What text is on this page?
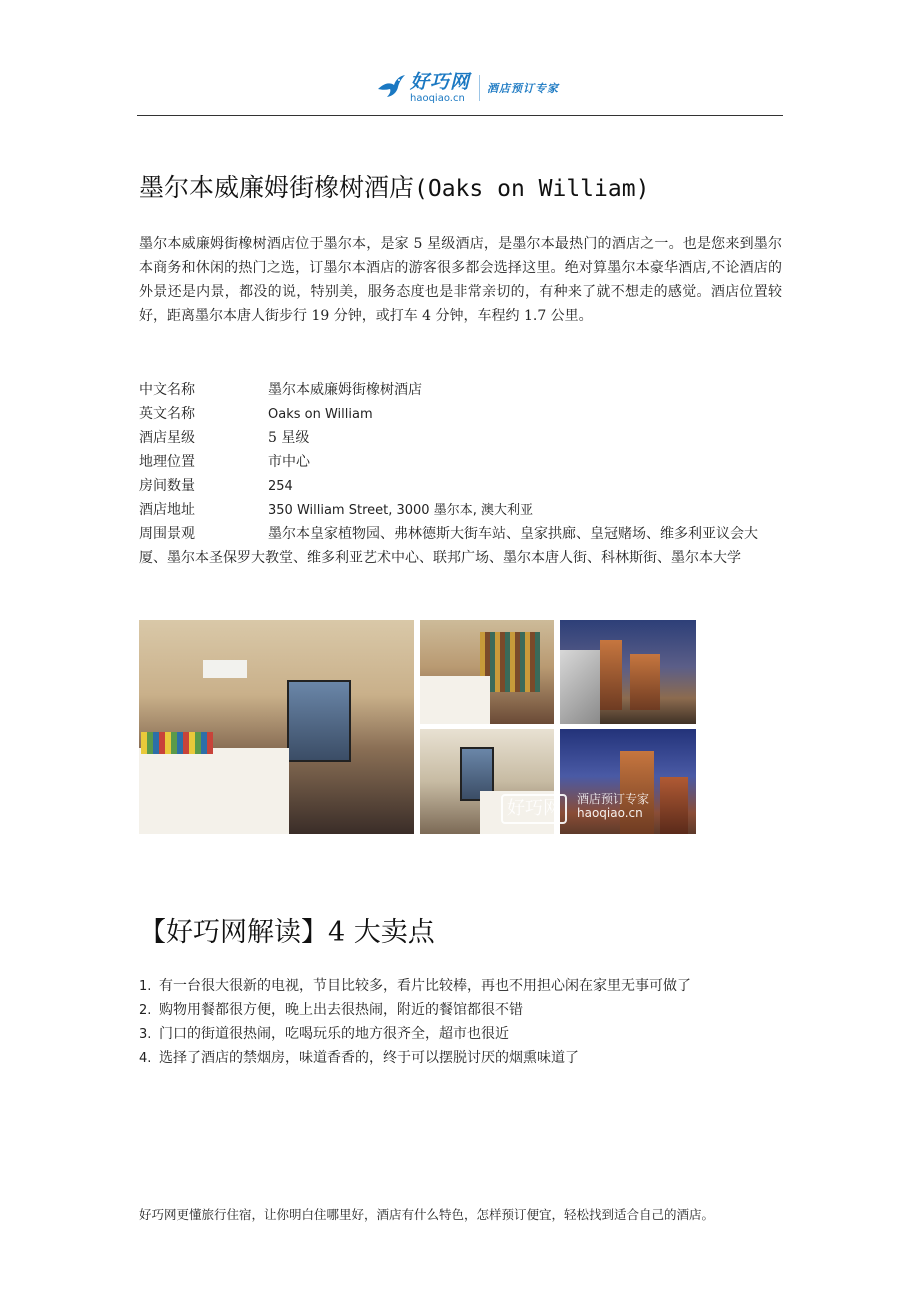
好巧网
haoqiao.cn
酒店预订专家
墨尔本威廉姆街橡树酒店(Oaks on William)

墨尔本威廉姆街橡树酒店位于墨尔本，是家 5 星级酒店，是墨尔本最热门的酒店之一。也是您来到墨尔本商务和休闲的热门之选，订墨尔本酒店的游客很多都会选择这里。绝对算墨尔本豪华酒店,不论酒店的外景还是内景，都没的说，特别美，服务态度也是非常亲切的，有种来了就不想走的感觉。酒店位置较好，距离墨尔本唐人街步行 19 分钟，或打车 4 分钟，车程约 1.7 公里。

中文名称	墨尔本威廉姆街橡树酒店
英文名称	Oaks on William
酒店星级	5 星级
地理位置	市中心
房间数量	254
酒店地址	350 William Street, 3000 墨尔本, 澳大利亚
周围景观	墨尔本皇家植物园、弗林德斯大街车站、皇家拱廊、皇冠赌场、维多利亚议会大厦、墨尔本圣保罗大教堂、维多利亚艺术中心、联邦广场、墨尔本唐人街、科林斯街、墨尔本大学
好巧网	酒店预订专家
haoqiao.cn
【好巧网解读】4 大卖点
1. 有一台很大很新的电视，节目比较多，看片比较棒，再也不用担心闲在家里无事可做了
2. 购物用餐都很方便，晚上出去很热闹，附近的餐馆都很不错
3. 门口的街道很热闹，吃喝玩乐的地方很齐全，超市也很近
4. 选择了酒店的禁烟房，味道香香的，终于可以摆脱讨厌的烟熏味道了

好巧网更懂旅行住宿，让你明白住哪里好，酒店有什么特色，怎样预订便宜，轻松找到适合自己的酒店。
